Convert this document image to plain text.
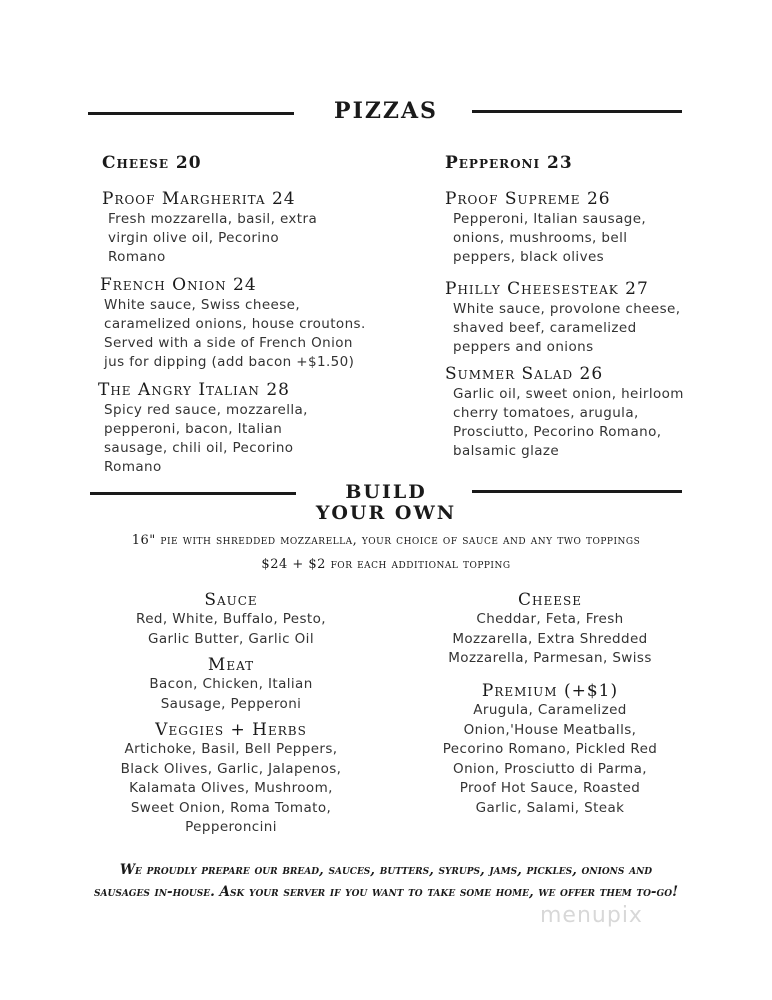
PIZZAS
Cheese 20
Proof Margherita 24
Fresh mozzarella, basil, extra
virgin olive oil, Pecorino
Romano
French Onion 24
White sauce, Swiss cheese,
caramelized onions, house croutons.
Served with a side of French Onion
jus for dipping (add bacon +$1.50)
The Angry Italian 28
Spicy red sauce, mozzarella,
pepperoni, bacon, Italian
sausage, chili oil, Pecorino
Romano
Pepperoni 23
Proof Supreme 26
Pepperoni, Italian sausage,
onions, mushrooms, bell
peppers, black olives
Philly Cheesesteak 27
White sauce, provolone cheese,
shaved beef, caramelized
peppers and onions
Summer Salad 26
Garlic oil, sweet onion, heirloom
cherry tomatoes, arugula,
Prosciutto, Pecorino Romano,
balsamic glaze
BUILD
YOUR OWN
16" pie with shredded mozzarella, your choice of sauce and any two toppings
$24 + $2 for each additional topping
Sauce
Red, White, Buffalo, Pesto,
Garlic Butter, Garlic Oil
Meat
Bacon, Chicken, Italian
Sausage, Pepperoni
Veggies + Herbs
Artichoke, Basil, Bell Peppers,
Black Olives, Garlic, Jalapenos,
Kalamata Olives, Mushroom,
Sweet Onion, Roma Tomato,
Pepperoncini
Cheese
Cheddar, Feta, Fresh
Mozzarella, Extra Shredded
Mozzarella, Parmesan, Swiss
Premium (+$1)
Arugula, Caramelized
Onion,'House Meatballs,
Pecorino Romano, Pickled Red
Onion, Prosciutto di Parma,
Proof Hot Sauce, Roasted
Garlic, Salami, Steak
We proudly prepare our bread, sauces, butters, syrups, jams, pickles, onions and
sausages in-house. Ask your server if you want to take some home, we offer them to-go!
menupix
